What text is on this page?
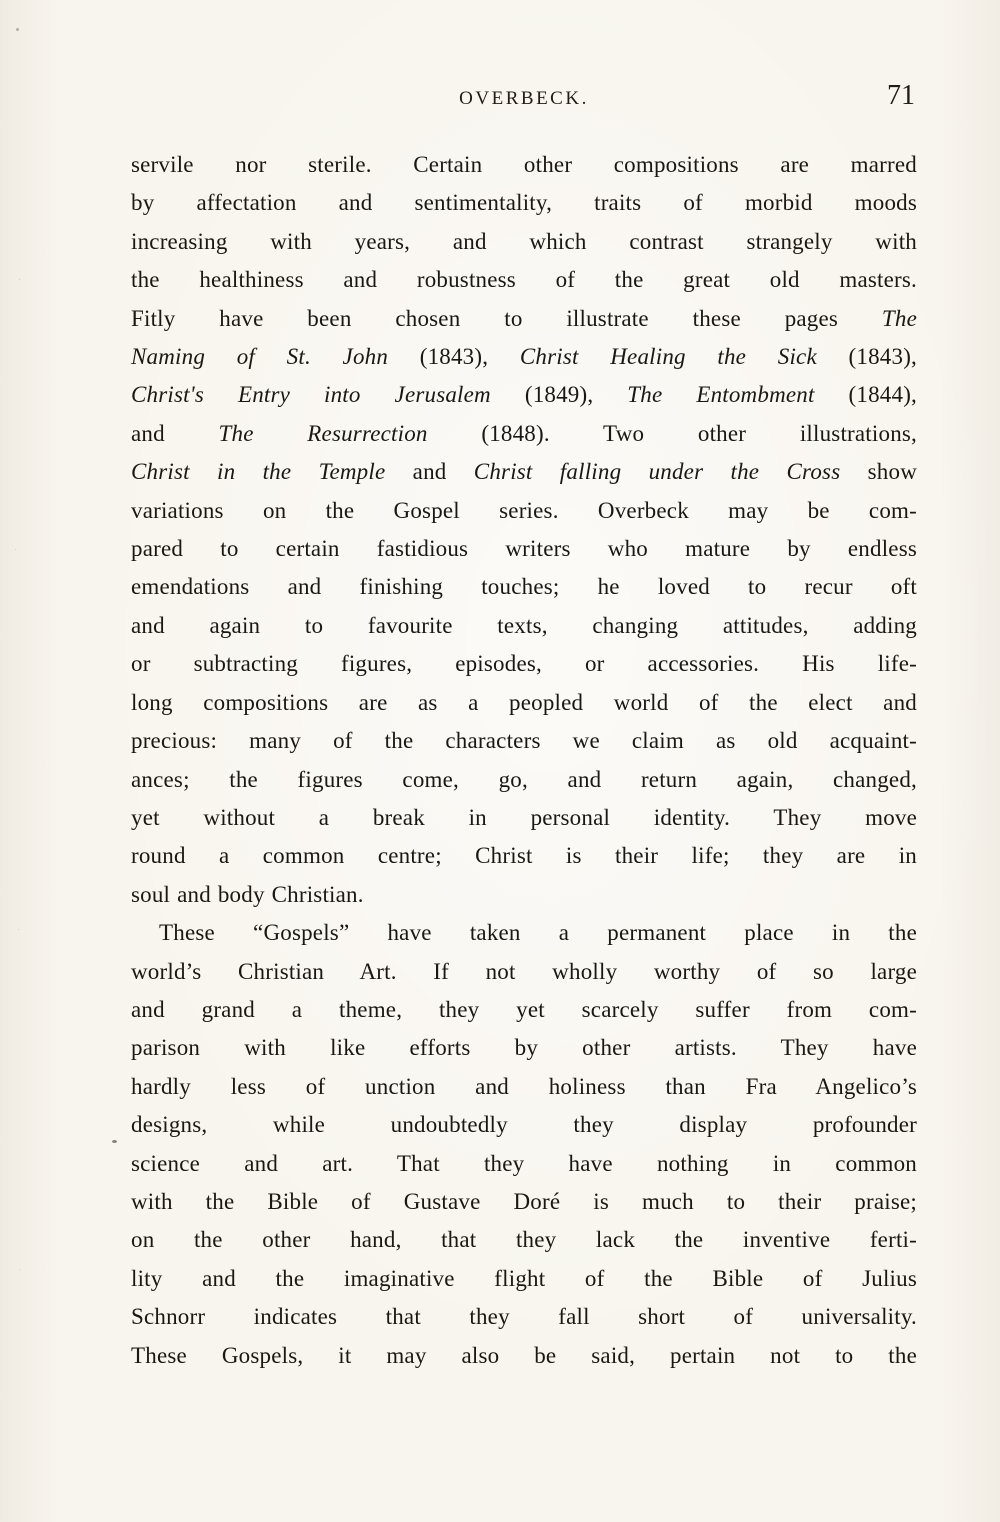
OVERBECK.	71
servile nor sterile. Certain other compositions are marred
by affectation and sentimentality, traits of morbid moods
increasing with years, and which contrast strangely with
the healthiness and robustness of the great old masters.
Fitly have been chosen to illustrate these pages The
Naming of St. John (1843), Christ Healing the Sick (1843),
Christ's Entry into Jerusalem (1849), The Entombment (1844),
and The Resurrection (1848). Two other illustrations,
Christ in the Temple and Christ falling under the Cross show
variations on the Gospel series. Overbeck may be com-
pared to certain fastidious writers who mature by endless
emendations and finishing touches; he loved to recur oft
and again to favourite texts, changing attitudes, adding
or subtracting figures, episodes, or accessories. His life-
long compositions are as a peopled world of the elect and
precious: many of the characters we claim as old acquaint-
ances; the figures come, go, and return again, changed,
yet without a break in personal identity. They move
round a common centre; Christ is their life; they are in
soul and body Christian.
These “Gospels” have taken a permanent place in the
world’s Christian Art. If not wholly worthy of so large
and grand a theme, they yet scarcely suffer from com-
parison with like efforts by other artists. They have
hardly less of unction and holiness than Fra Angelico’s
designs, while undoubtedly they display profounder
science and art. That they have nothing in common
with the Bible of Gustave Doré is much to their praise;
on the other hand, that they lack the inventive ferti-
lity and the imaginative flight of the Bible of Julius
Schnorr indicates that they fall short of universality.
These Gospels, it may also be said, pertain not to the
